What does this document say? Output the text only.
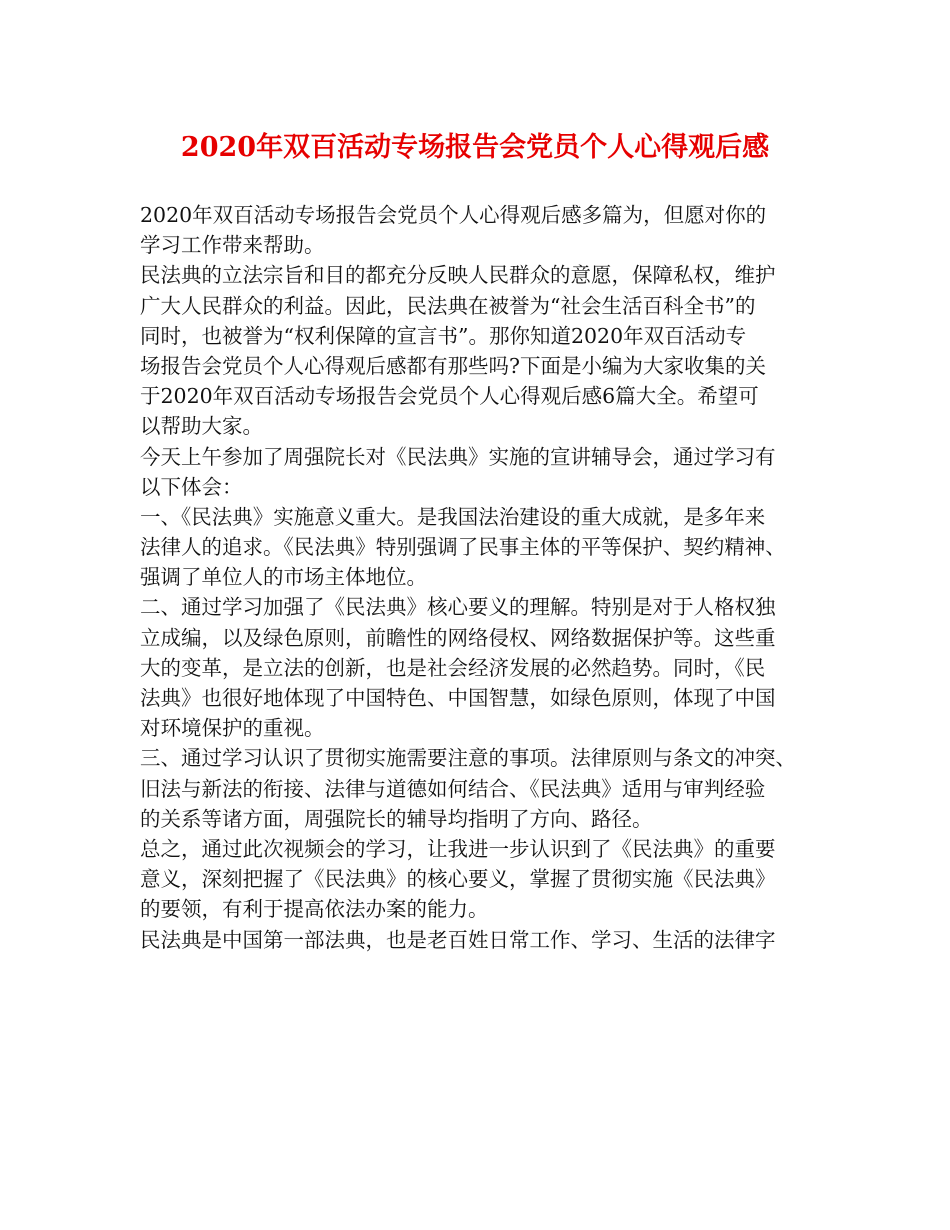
2020年双百活动专场报告会党员个人心得观后感
2020年双百活动专场报告会党员个人心得观后感多篇为，但愿对你的
学习工作带来帮助。
民法典的立法宗旨和目的都充分反映人民群众的意愿，保障私权，维护
广大人民群众的利益。因此，民法典在被誉为“社会生活百科全书”的
同时，也被誉为“权利保障的宣言书”。那你知道2020年双百活动专
场报告会党员个人心得观后感都有那些吗?下面是小编为大家收集的关
于2020年双百活动专场报告会党员个人心得观后感6篇大全。希望可
以帮助大家。
今天上午参加了周强院长对《民法典》实施的宣讲辅导会，通过学习有
以下体会：
一、《民法典》实施意义重大。是我国法治建设的重大成就，是多年来
法律人的追求。《民法典》特别强调了民事主体的平等保护、契约精神、
强调了单位人的市场主体地位。
二、通过学习加强了《民法典》核心要义的理解。特别是对于人格权独
立成编，以及绿色原则，前瞻性的网络侵权、网络数据保护等。这些重
大的变革，是立法的创新，也是社会经济发展的必然趋势。同时，《民
法典》也很好地体现了中国特色、中国智慧，如绿色原则，体现了中国
对环境保护的重视。
三、通过学习认识了贯彻实施需要注意的事项。法律原则与条文的冲突、
旧法与新法的衔接、法律与道德如何结合、《民法典》适用与审判经验
的关系等诸方面，周强院长的辅导均指明了方向、路径。
总之，通过此次视频会的学习，让我进一步认识到了《民法典》的重要
意义，深刻把握了《民法典》的核心要义，掌握了贯彻实施《民法典》
的要领，有利于提高依法办案的能力。
民法典是中国第一部法典，也是老百姓日常工作、学习、生活的法律字
